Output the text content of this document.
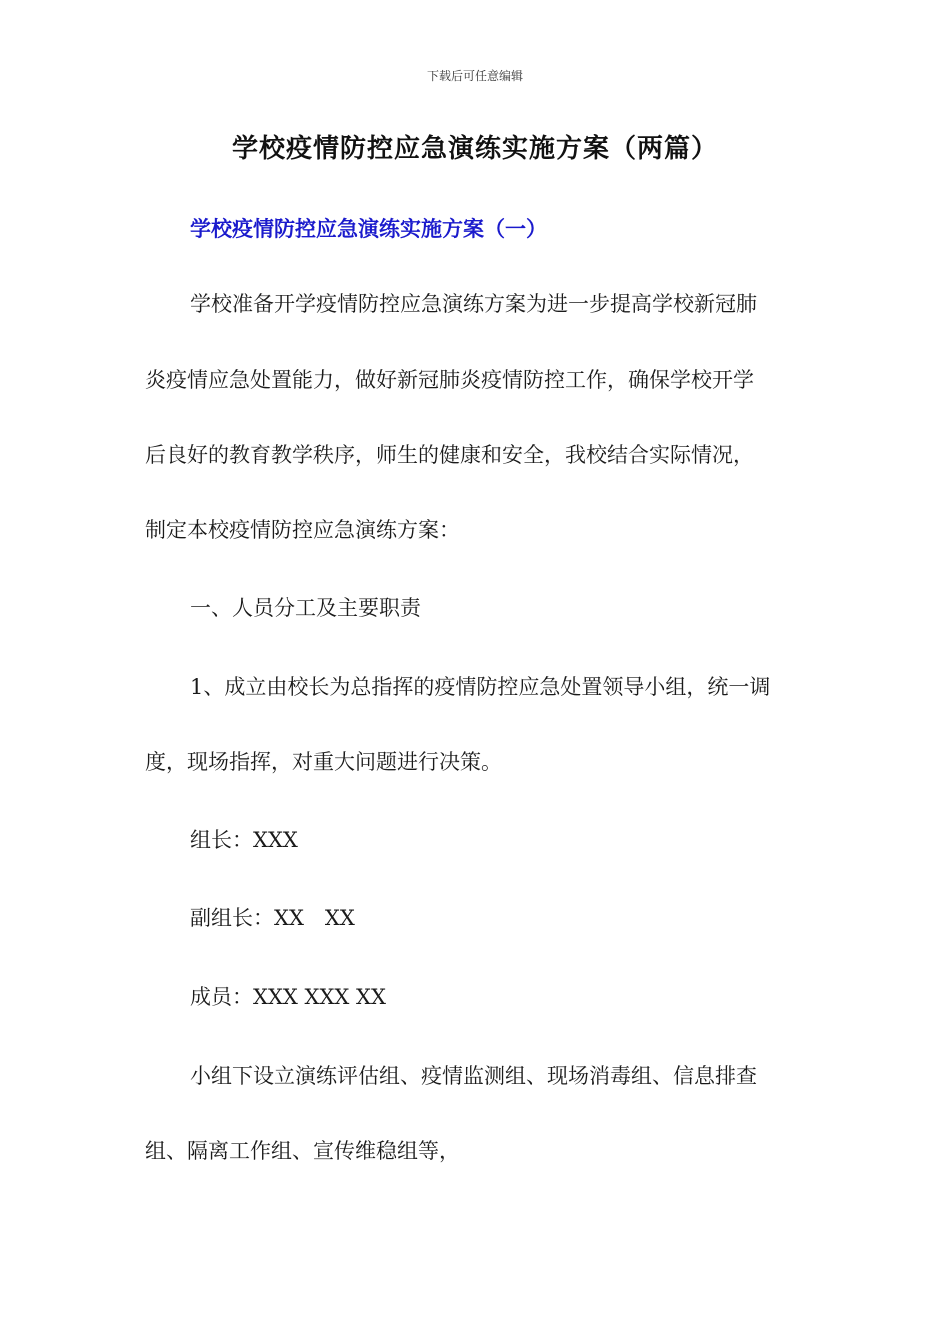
下载后可任意编辑
学校疫情防控应急演练实施方案（两篇）
学校疫情防控应急演练实施方案（一）
学校准备开学疫情防控应急演练方案为进一步提高学校新冠肺
炎疫情应急处置能力，做好新冠肺炎疫情防控工作，确保学校开学
后良好的教育教学秩序，师生的健康和安全，我校结合实际情况，
制定本校疫情防控应急演练方案：
一、人员分工及主要职责
1、成立由校长为总指挥的疫情防控应急处置领导小组，统一调
度，现场指挥，对重大问题进行决策。
组长：XXX
副组长：XX　XX
成员：XXX XXX XX
小组下设立演练评估组、疫情监测组、现场消毒组、信息排查
组、隔离工作组、宣传维稳组等，
